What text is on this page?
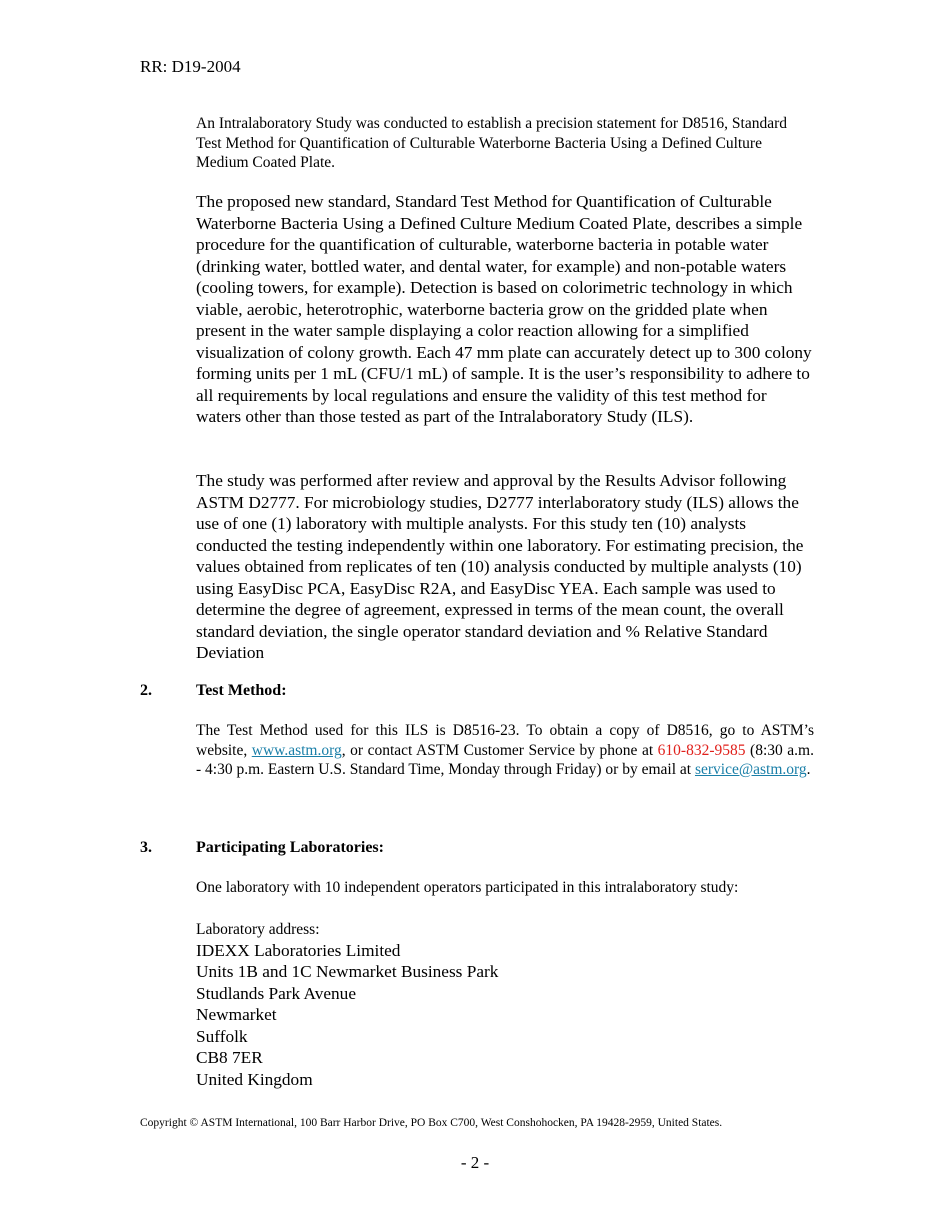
RR: D19-2004

An Intralaboratory Study was conducted to establish a precision statement for D8516, Standard Test Method for Quantification of Culturable Waterborne Bacteria Using a Defined Culture Medium Coated Plate.

The proposed new standard, Standard Test Method for Quantification of Culturable Waterborne Bacteria Using a Defined Culture Medium Coated Plate, describes a simple procedure for the quantification of culturable, waterborne bacteria in potable water (drinking water, bottled water, and dental water, for example) and non-potable waters (cooling towers, for example). Detection is based on colorimetric technology in which viable, aerobic, heterotrophic, waterborne bacteria grow on the gridded plate when present in the water sample displaying a color reaction allowing for a simplified visualization of colony growth. Each 47 mm plate can accurately detect up to 300 colony forming units per 1 mL (CFU/1 mL) of sample. It is the user’s responsibility to adhere to all requirements by local regulations and ensure the validity of this test method for waters other than those tested as part of the Intralaboratory Study (ILS).

The study was performed after review and approval by the Results Advisor following ASTM D2777. For microbiology studies, D2777 interlaboratory study (ILS) allows the use of one (1) laboratory with multiple analysts. For this study ten (10) analysts conducted the testing independently within one laboratory. For estimating precision, the values obtained from replicates of ten (10) analysis conducted by multiple analysts (10) using EasyDisc PCA, EasyDisc R2A, and EasyDisc YEA. Each sample was used to determine the degree of agreement, expressed in terms of the mean count, the overall standard deviation, the single operator standard deviation and % Relative Standard Deviation

2.	Test Method:

The Test Method used for this ILS is D8516-23. To obtain a copy of D8516, go to ASTM’s website, www.astm.org, or contact ASTM Customer Service by phone at 610-832-9585 (8:30 a.m. - 4:30 p.m. Eastern U.S. Standard Time, Monday through Friday) or by email at service@astm.org.

3.	Participating Laboratories:

One laboratory with 10 independent operators participated in this intralaboratory study:

Laboratory address:

IDEXX Laboratories Limited
Units 1B and 1C Newmarket Business Park
Studlands Park Avenue
Newmarket
Suffolk
CB8 7ER
United Kingdom
Copyright © ASTM International, 100 Barr Harbor Drive, PO Box C700, West Conshohocken, PA 19428-2959, United States.
- 2 -
